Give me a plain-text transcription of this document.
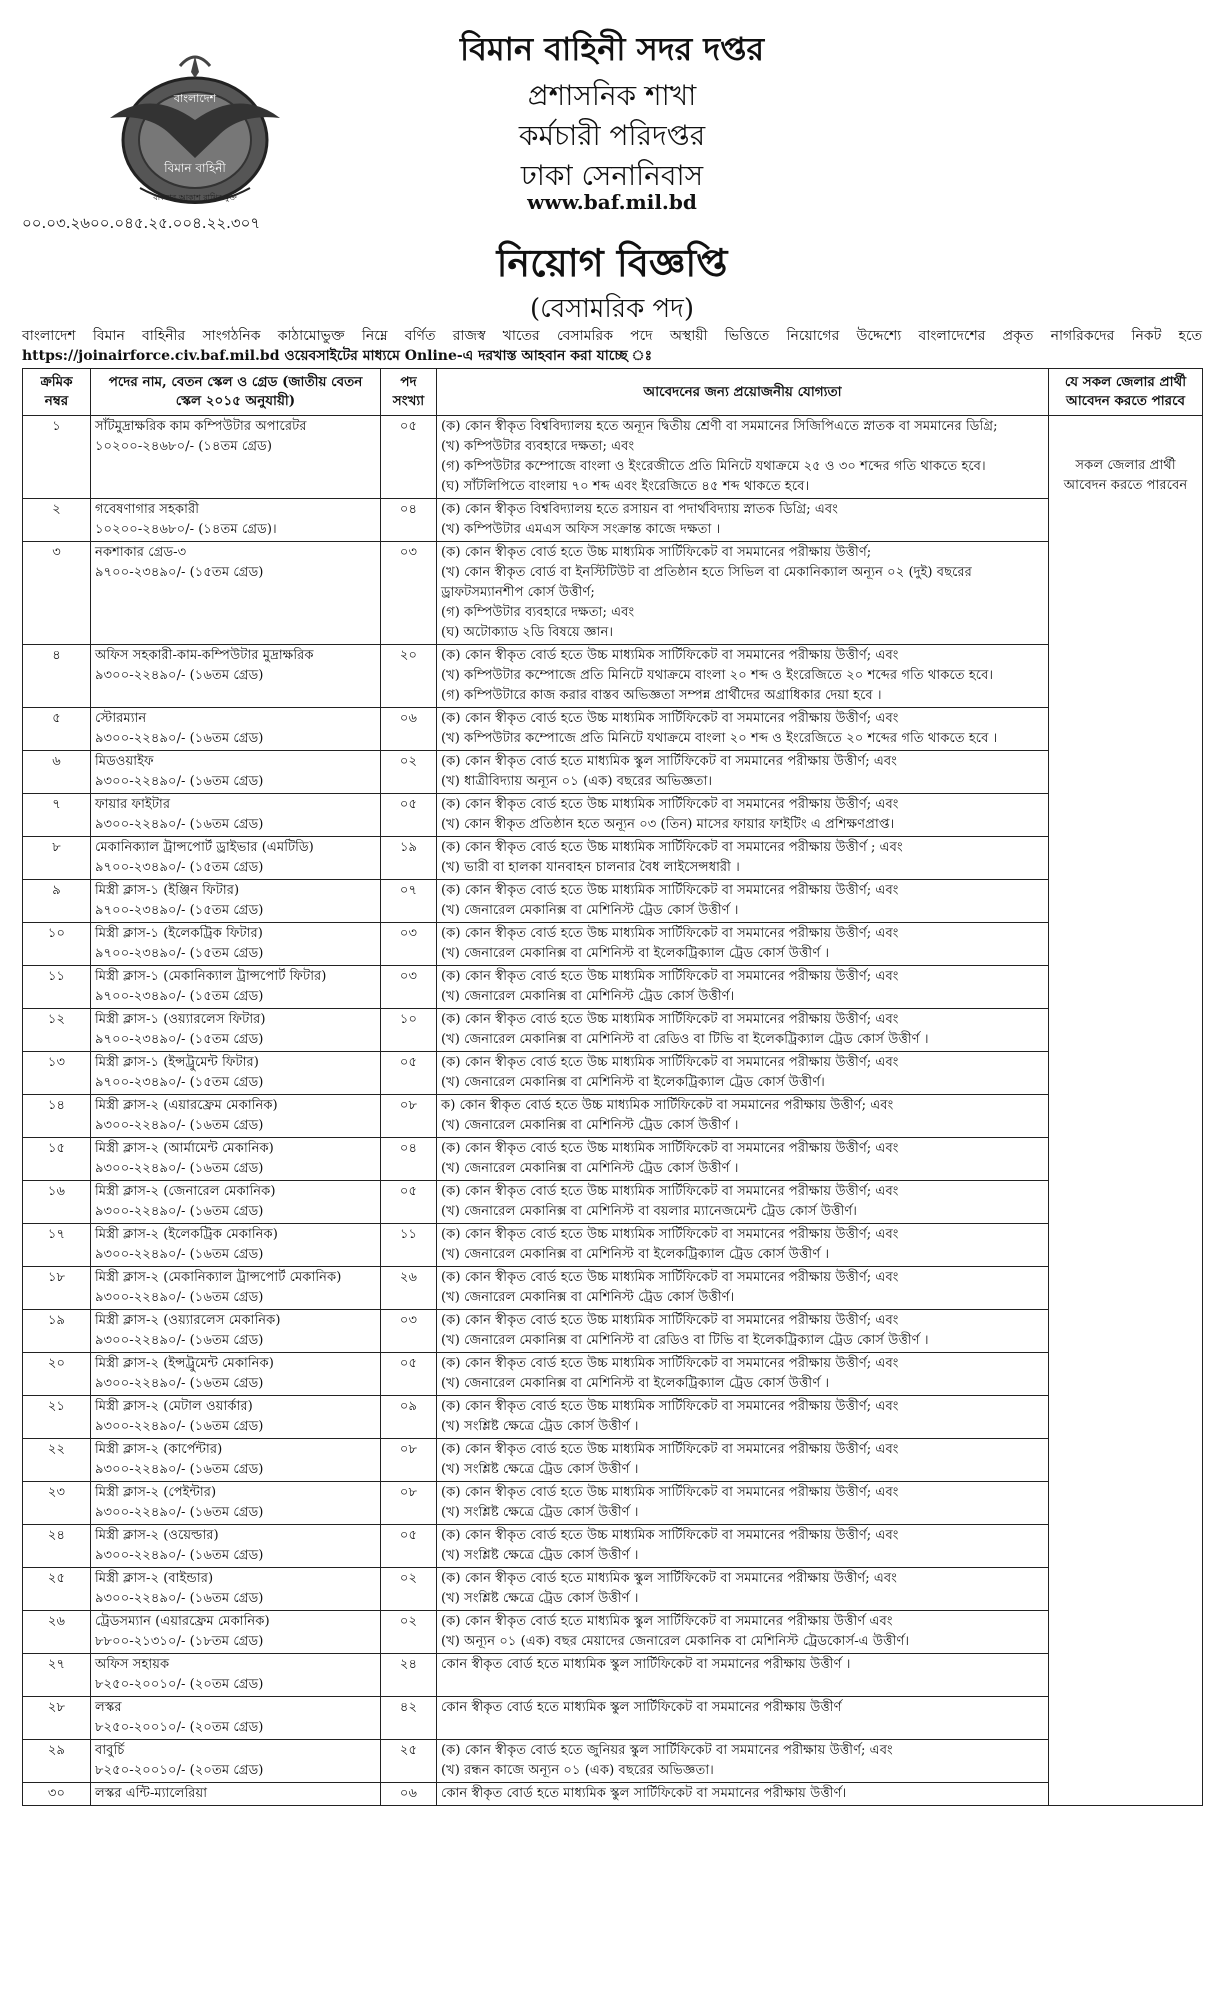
বাংলাদেশ
বিমান বাহিনী
বাংলার আকাশ রাখিব মুক্ত
বিমান বাহিনী সদর দপ্তর
প্রশাসনিক শাখা
কর্মচারী পরিদপ্তর
ঢাকা সেনানিবাস
www.baf.mil.bd
০০.০৩.২৬০০.০৪৫.২৫.০০৪.২২.৩০৭
নিয়োগ বিজ্ঞপ্তি
(বেসামরিক পদ)
বাংলাদেশ বিমান বাহিনীর সাংগঠনিক কাঠামোভুক্ত নিম্নে বর্ণিত রাজস্ব খাতের বেসামরিক পদে অস্থায়ী ভিত্তিতে নিয়োগের উদ্দেশ্যে বাংলাদেশের প্রকৃত নাগরিকদের নিকট হতে https://joinairforce.civ.baf.mil.bd ওয়েবসাইটের মাধ্যমে Online-এ দরখাস্ত আহবান করা যাচ্ছে ঃ
ক্রমিক নম্বর	পদের নাম, বেতন স্কেল ও গ্রেড (জাতীয় বেতন স্কেল ২০১৫ অনুযায়ী)	পদ সংখ্যা	আবেদনের জন্য প্রয়োজনীয় যোগ্যতা	যে সকল জেলার প্রার্থী আবেদন করতে পারবে
১	সাঁটমুদ্রাক্ষরিক কাম কম্পিউটার অপারেটর
১০২০০-২৪৬৮০/- (১৪তম গ্রেড)	০৫	(ক) কোন স্বীকৃত বিশ্ববিদ্যালয় হতে অন্যূন দ্বিতীয় শ্রেণী বা সমমানের সিজিপিএতে স্নাতক বা সমমানের ডিগ্রি;
(খ) কম্পিউটার ব্যবহারে দক্ষতা; এবং
(গ) কম্পিউটার কম্পোজে বাংলা ও ইংরেজীতে প্রতি মিনিটে যথাক্রমে ২৫ ও ৩০ শব্দের গতি থাকতে হবে।
(ঘ) সাঁটলিপিতে বাংলায় ৭০ শব্দ এবং ইংরেজিতে ৪৫ শব্দ থাকতে হবে।	সকল জেলার প্রার্থী আবেদন করতে পারবেন
২	গবেষণাগার সহকারী
১০২০০-২৪৬৮০/- (১৪তম গ্রেড)।	০৪	(ক) কোন স্বীকৃত বিশ্ববিদ্যালয় হতে রসায়ন বা পদার্থবিদ্যায় স্নাতক ডিগ্রি; এবং
(খ) কম্পিউটার এমএস অফিস সংক্রান্ত কাজে দক্ষতা ।	

৩	নকশাকার গ্রেড-৩
৯৭০০-২৩৪৯০/- (১৫তম গ্রেড)	০৩	(ক) কোন স্বীকৃত বোর্ড হতে উচ্চ মাধ্যমিক সার্টিফিকেট বা সমমানের পরীক্ষায় উত্তীর্ণ;
(খ) কোন স্বীকৃত বোর্ড বা ইনস্টিটিউট বা প্রতিষ্ঠান হতে সিভিল বা মেকানিক্যাল অন্যূন ০২ (দুই) বছরের ড্রাফটসম্যানশীপ কোর্স উত্তীর্ণ;
(গ) কম্পিউটার ব্যবহারে দক্ষতা; এবং
(ঘ) অটোক্যাড ২ডি বিষয়ে জ্ঞান।	

৪	অফিস সহকারী-কাম-কম্পিউটার মুদ্রাক্ষরিক
৯৩০০-২২৪৯০/- (১৬তম গ্রেড)	২০	(ক) কোন স্বীকৃত বোর্ড হতে উচ্চ মাধ্যমিক সার্টিফিকেট বা সমমানের পরীক্ষায় উত্তীর্ণ; এবং
(খ) কম্পিউটার কম্পোজে প্রতি মিনিটে যথাক্রমে বাংলা ২০ শব্দ ও ইংরেজিতে ২০ শব্দের গতি থাকতে হবে।
(গ) কম্পিউটারে কাজ করার বাস্তব অভিজ্ঞতা সম্পন্ন প্রার্থীদের অগ্রাধিকার দেয়া হবে ।	

৫	স্টোরম্যান
৯৩০০-২২৪৯০/- (১৬তম গ্রেড)	০৬	(ক) কোন স্বীকৃত বোর্ড হতে উচ্চ মাধ্যমিক সার্টিফিকেট বা সমমানের পরীক্ষায় উত্তীর্ণ; এবং
(খ) কম্পিউটার কম্পোজে প্রতি মিনিটে যথাক্রমে বাংলা ২০ শব্দ ও ইংরেজিতে ২০ শব্দের গতি থাকতে হবে ।	

৬	মিডওয়াইফ
৯৩০০-২২৪৯০/- (১৬তম গ্রেড)	০২	(ক) কোন স্বীকৃত বোর্ড হতে মাধ্যমিক স্কুল সার্টিফিকেট বা সমমানের পরীক্ষায় উত্তীর্ণ; এবং
(খ) ধাত্রীবিদ্যায় অন্যূন ০১ (এক) বছরের অভিজ্ঞতা।	

৭	ফায়ার ফাইটার
৯৩০০-২২৪৯০/- (১৬তম গ্রেড)	০৫	(ক) কোন স্বীকৃত বোর্ড হতে উচ্চ মাধ্যমিক সার্টিফিকেট বা সমমানের পরীক্ষায় উত্তীর্ণ; এবং
(খ) কোন স্বীকৃত প্রতিষ্ঠান হতে অন্যূন ০৩ (তিন) মাসের ফায়ার ফাইটিং এ প্রশিক্ষণপ্রাপ্ত।	

৮	মেকানিক্যাল ট্রান্সপোর্ট ড্রাইভার (এমটিডি)
৯৭০০-২৩৪৯০/- (১৫তম গ্রেড)	১৯	(ক) কোন স্বীকৃত বোর্ড হতে উচ্চ মাধ্যমিক সার্টিফিকেট বা সমমানের পরীক্ষায় উত্তীর্ণ ; এবং
(খ) ভারী বা হালকা যানবাহন চালনার বৈধ লাইসেন্সধারী ।	

৯	মিস্ত্রী ক্লাস-১ (ইঞ্জিন ফিটার)
৯৭০০-২৩৪৯০/- (১৫তম গ্রেড)	০৭	(ক) কোন স্বীকৃত বোর্ড হতে উচ্চ মাধ্যমিক সার্টিফিকেট বা সমমানের পরীক্ষায় উত্তীর্ণ; এবং
(খ) জেনারেল মেকানিক্স বা মেশিনিস্ট ট্রেড কোর্স উত্তীর্ণ ।	

১০	মিস্ত্রী ক্লাস-১ (ইলেকট্রিক ফিটার)
৯৭০০-২৩৪৯০/- (১৫তম গ্রেড)	০৩	(ক) কোন স্বীকৃত বোর্ড হতে উচ্চ মাধ্যমিক সার্টিফিকেট বা সমমানের পরীক্ষায় উত্তীর্ণ; এবং
(খ) জেনারেল মেকানিক্স বা মেশিনিস্ট বা ইলেকট্রিক্যাল ট্রেড কোর্স উত্তীর্ণ ।	

১১	মিস্ত্রী ক্লাস-১ (মেকানিক্যাল ট্রান্সপোর্ট ফিটার)
৯৭০০-২৩৪৯০/- (১৫তম গ্রেড)	০৩	(ক) কোন স্বীকৃত বোর্ড হতে উচ্চ মাধ্যমিক সার্টিফিকেট বা সমমানের পরীক্ষায় উত্তীর্ণ; এবং
(খ) জেনারেল মেকানিক্স বা মেশিনিস্ট ট্রেড কোর্স উত্তীর্ণ।	

১২	মিস্ত্রী ক্লাস-১ (ওয়্যারলেস ফিটার)
৯৭০০-২৩৪৯০/- (১৫তম গ্রেড)	১০	(ক) কোন স্বীকৃত বোর্ড হতে উচ্চ মাধ্যমিক সার্টিফিকেট বা সমমানের পরীক্ষায় উত্তীর্ণ; এবং
(খ) জেনারেল মেকানিক্স বা মেশিনিস্ট বা রেডিও বা টিভি বা ইলেকট্রিক্যাল ট্রেড কোর্স উত্তীর্ণ ।	

১৩	মিস্ত্রী ক্লাস-১ (ইন্সট্রুমেন্ট ফিটার)
৯৭০০-২৩৪৯০/- (১৫তম গ্রেড)	০৫	(ক) কোন স্বীকৃত বোর্ড হতে উচ্চ মাধ্যমিক সার্টিফিকেট বা সমমানের পরীক্ষায় উত্তীর্ণ; এবং
(খ) জেনারেল মেকানিক্স বা মেশিনিস্ট বা ইলেকট্রিক্যাল ট্রেড কোর্স উত্তীর্ণ।	

১৪	মিস্ত্রী ক্লাস-২ (এয়ারফ্রেম মেকানিক)
৯৩০০-২২৪৯০/- (১৬তম গ্রেড)	০৮	ক) কোন স্বীকৃত বোর্ড হতে উচ্চ মাধ্যমিক সার্টিফিকেট বা সমমানের পরীক্ষায় উত্তীর্ণ; এবং
(খ) জেনারেল মেকানিক্স বা মেশিনিস্ট ট্রেড কোর্স উত্তীর্ণ ।	

১৫	মিস্ত্রী ক্লাস-২ (আর্মামেন্ট মেকানিক)
৯৩০০-২২৪৯০/- (১৬তম গ্রেড)	০৪	(ক) কোন স্বীকৃত বোর্ড হতে উচ্চ মাধ্যমিক সার্টিফিকেট বা সমমানের পরীক্ষায় উত্তীর্ণ; এবং
(খ) জেনারেল মেকানিক্স বা মেশিনিস্ট ট্রেড কোর্স উত্তীর্ণ ।	

১৬	মিস্ত্রী ক্লাস-২ (জেনারেল মেকানিক)
৯৩০০-২২৪৯০/- (১৬তম গ্রেড)	০৫	(ক) কোন স্বীকৃত বোর্ড হতে উচ্চ মাধ্যমিক সার্টিফিকেট বা সমমানের পরীক্ষায় উত্তীর্ণ; এবং
(খ) জেনারেল মেকানিক্স বা মেশিনিস্ট বা বয়লার ম্যানেজমেন্ট ট্রেড কোর্স উত্তীর্ণ।	

১৭	মিস্ত্রী ক্লাস-২ (ইলেকট্রিক মেকানিক)
৯৩০০-২২৪৯০/- (১৬তম গ্রেড)	১১	(ক) কোন স্বীকৃত বোর্ড হতে উচ্চ মাধ্যমিক সার্টিফিকেট বা সমমানের পরীক্ষায় উত্তীর্ণ; এবং
(খ) জেনারেল মেকানিক্স বা মেশিনিস্ট বা ইলেকট্রিক্যাল ট্রেড কোর্স উত্তীর্ণ ।	

১৮	মিস্ত্রী ক্লাস-২ (মেকানিক্যাল ট্রান্সপোর্ট মেকানিক)
৯৩০০-২২৪৯০/- (১৬তম গ্রেড)	২৬	(ক) কোন স্বীকৃত বোর্ড হতে উচ্চ মাধ্যমিক সার্টিফিকেট বা সমমানের পরীক্ষায় উত্তীর্ণ; এবং
(খ) জেনারেল মেকানিক্স বা মেশিনিস্ট ট্রেড কোর্স উত্তীর্ণ।	

১৯	মিস্ত্রী ক্লাস-২ (ওয়্যারলেস মেকানিক)
৯৩০০-২২৪৯০/- (১৬তম গ্রেড)	০৩	(ক) কোন স্বীকৃত বোর্ড হতে উচ্চ মাধ্যমিক সার্টিফিকেট বা সমমানের পরীক্ষায় উত্তীর্ণ; এবং
(খ) জেনারেল মেকানিক্স বা মেশিনিস্ট বা রেডিও বা টিভি বা ইলেকট্রিক্যাল ট্রেড কোর্স উত্তীর্ণ ।	

২০	মিস্ত্রী ক্লাস-২ (ইন্সট্রুমেন্ট মেকানিক)
৯৩০০-২২৪৯০/- (১৬তম গ্রেড)	০৫	(ক) কোন স্বীকৃত বোর্ড হতে উচ্চ মাধ্যমিক সার্টিফিকেট বা সমমানের পরীক্ষায় উত্তীর্ণ; এবং
(খ) জেনারেল মেকানিক্স বা মেশিনিস্ট বা ইলেকট্রিক্যাল ট্রেড কোর্স উত্তীর্ণ ।	

২১	মিস্ত্রী ক্লাস-২ (মেটাল ওয়ার্কার)
৯৩০০-২২৪৯০/- (১৬তম গ্রেড)	০৯	(ক) কোন স্বীকৃত বোর্ড হতে উচ্চ মাধ্যমিক সার্টিফিকেট বা সমমানের পরীক্ষায় উত্তীর্ণ; এবং
(খ) সংশ্লিষ্ট ক্ষেত্রে ট্রেড কোর্স উত্তীর্ণ ।	

২২	মিস্ত্রী ক্লাস-২ (কার্পেন্টার)
৯৩০০-২২৪৯০/- (১৬তম গ্রেড)	০৮	(ক) কোন স্বীকৃত বোর্ড হতে উচ্চ মাধ্যমিক সার্টিফিকেট বা সমমানের পরীক্ষায় উত্তীর্ণ; এবং
(খ) সংশ্লিষ্ট ক্ষেত্রে ট্রেড কোর্স উত্তীর্ণ ।	

২৩	মিস্ত্রী ক্লাস-২ (পেইন্টার)
৯৩০০-২২৪৯০/- (১৬তম গ্রেড)	০৮	(ক) কোন স্বীকৃত বোর্ড হতে উচ্চ মাধ্যমিক সার্টিফিকেট বা সমমানের পরীক্ষায় উত্তীর্ণ; এবং
(খ) সংশ্লিষ্ট ক্ষেত্রে ট্রেড কোর্স উত্তীর্ণ ।	

২৪	মিস্ত্রী ক্লাস-২ (ওয়েল্ডার)
৯৩০০-২২৪৯০/- (১৬তম গ্রেড)	০৫	(ক) কোন স্বীকৃত বোর্ড হতে উচ্চ মাধ্যমিক সার্টিফিকেট বা সমমানের পরীক্ষায় উত্তীর্ণ; এবং
(খ) সংশ্লিষ্ট ক্ষেত্রে ট্রেড কোর্স উত্তীর্ণ ।	

২৫	মিস্ত্রী ক্লাস-২ (বাইন্ডার)
৯৩০০-২২৪৯০/- (১৬তম গ্রেড)	০২	(ক) কোন স্বীকৃত বোর্ড হতে মাধ্যমিক স্কুল সার্টিফিকেট বা সমমানের পরীক্ষায় উত্তীর্ণ; এবং
(খ) সংশ্লিষ্ট ক্ষেত্রে ট্রেড কোর্স উত্তীর্ণ ।	

২৬	ট্রেডসম্যান (এয়ারফ্রেম মেকানিক)
৮৮০০-২১৩১০/- (১৮তম গ্রেড)	০২	(ক) কোন স্বীকৃত বোর্ড হতে মাধ্যমিক স্কুল সার্টিফিকেট বা সমমানের পরীক্ষায় উত্তীর্ণ এবং
(খ) অন্যূন ০১ (এক) বছর মেয়াদের জেনারেল মেকানিক বা মেশিনিস্ট ট্রেডকোর্স-এ উত্তীর্ণ।	

২৭	অফিস সহায়ক
৮২৫০-২০০১০/- (২০তম গ্রেড)	২৪	কোন স্বীকৃত বোর্ড হতে মাধ্যমিক স্কুল সার্টিফিকেট বা সমমানের পরীক্ষায় উত্তীর্ণ ।	

২৮	লস্কর
৮২৫০-২০০১০/- (২০তম গ্রেড)	৪২	কোন স্বীকৃত বোর্ড হতে মাধ্যমিক স্কুল সার্টিফিকেট বা সমমানের পরীক্ষায় উত্তীর্ণ	

২৯	বাবুর্চি
৮২৫০-২০০১০/- (২০তম গ্রেড)	২৫	(ক) কোন স্বীকৃত বোর্ড হতে জুনিয়র স্কুল সার্টিফিকেট বা সমমানের পরীক্ষায় উত্তীর্ণ; এবং
(খ) রন্ধন কাজে অন্যূন ০১ (এক) বছরের অভিজ্ঞতা।	

৩০	লস্কর এন্টি-ম্যালেরিয়া	০৬	কোন স্বীকৃত বোর্ড হতে মাধ্যমিক স্কুল সার্টিফিকেট বা সমমানের পরীক্ষায় উত্তীর্ণ।	
